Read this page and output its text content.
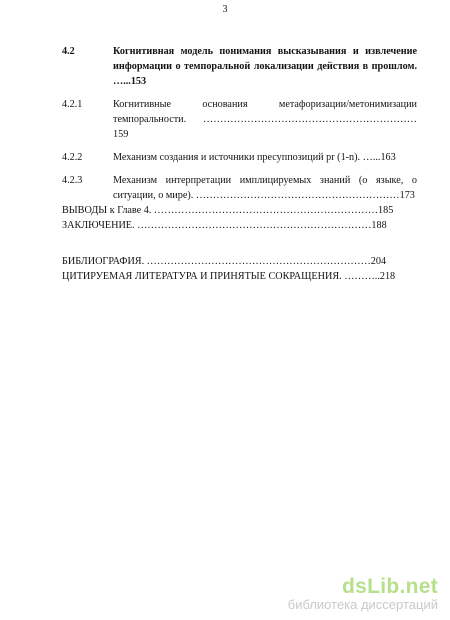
3
4.2	Когнитивная модель понимания высказывания и извлечение информации о темпоральной локализации действия в прошлом. …...153
4.2.1	Когнитивные основания метафоризации/метонимизации темпоральности. ………………………………………………………159
4.2.2	Механизм создания и источники пресуппозиций pr (1-n). …...163
4.2.3	Механизм интерпретации имплицируемых знаний (о языке, о ситуации, о мире). ……………………………………………………173
ВЫВОДЫ к Главе 4. …………………………………………………………185
ЗАКЛЮЧЕНИЕ. ……………………………………………………………188
БИБЛИОГРАФИЯ. …………………………………………………………204
ЦИТИРУЕМАЯ ЛИТЕРАТУРА И ПРИНЯТЫЕ СОКРАЩЕНИЯ. ………..218
dsLib.net
библиотека диссертаций
